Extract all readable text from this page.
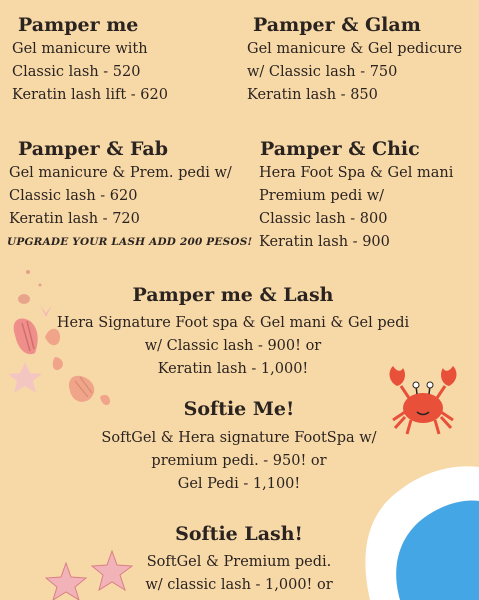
Pamper me
Gel manicure with
Classic lash - 520
Keratin lash lift - 620
Pamper & Glam
Gel manicure & Gel pedicure
w/ Classic lash - 750
Keratin lash - 850
Pamper & Fab
Gel manicure & Prem. pedi w/
Classic lash - 620
Keratin lash - 720
UPGRADE YOUR LASH ADD 200 PESOS!
Pamper & Chic
Hera Foot Spa & Gel mani
Premium pedi w/
Classic lash - 800
Keratin lash - 900
Pamper me & Lash
Hera Signature Foot spa & Gel mani & Gel pedi
w/ Classic lash - 900! or
Keratin lash - 1,000!
Softie Me!
SoftGel & Hera signature FootSpa w/
premium pedi. - 950! or
Gel Pedi - 1,100!
Softie Lash!
SoftGel & Premium pedi.
w/ classic lash - 1,000! or
